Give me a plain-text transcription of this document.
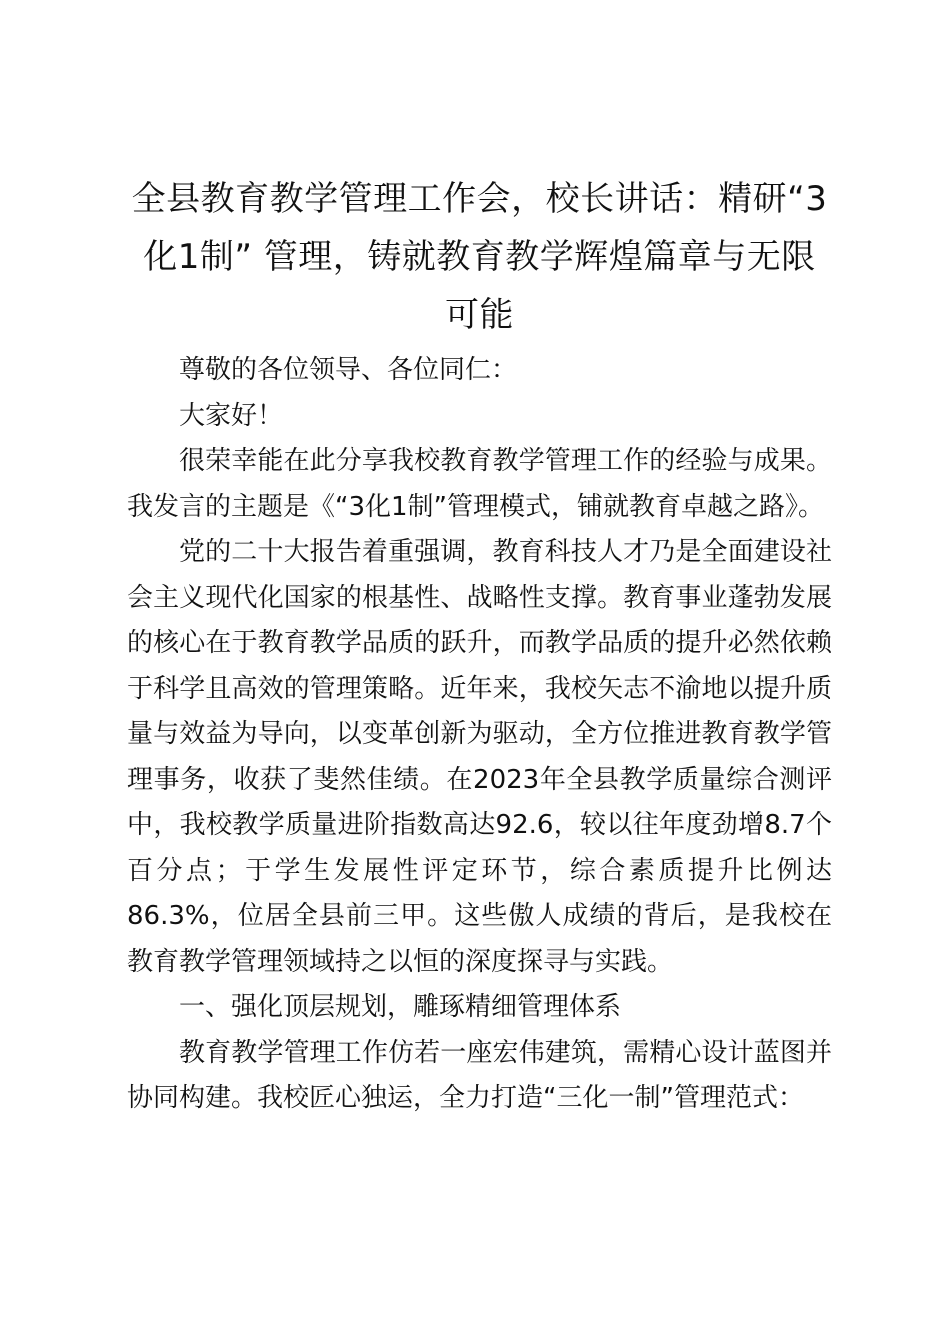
全县教育教学管理工作会，校长讲话：精研“3化1制” 管理，铸就教育教学辉煌篇章与无限可能

尊敬的各位领导、各位同仁：

大家好！

很荣幸能在此分享我校教育教学管理工作的经验与成果。我发言的主题是《“3化1制”管理模式，铺就教育卓越之路》。

党的二十大报告着重强调，教育科技人才乃是全面建设社会主义现代化国家的根基性、战略性支撑。教育事业蓬勃发展的核心在于教育教学品质的跃升，而教学品质的提升必然依赖于科学且高效的管理策略。近年来，我校矢志不渝地以提升质量与效益为导向，以变革创新为驱动，全方位推进教育教学管理事务，收获了斐然佳绩。在2023年全县教学质量综合测评中，我校教学质量进阶指数高达92.6，较以往年度劲增8.7个百分点；于学生发展性评定环节，综合素质提升比例达86.3%，位居全县前三甲。这些傲人成绩的背后，是我校在教育教学管理领域持之以恒的深度探寻与实践。

一、强化顶层规划，雕琢精细管理体系

教育教学管理工作仿若一座宏伟建筑，需精心设计蓝图并协同构建。我校匠心独运，全力打造“三化一制”管理范式：
